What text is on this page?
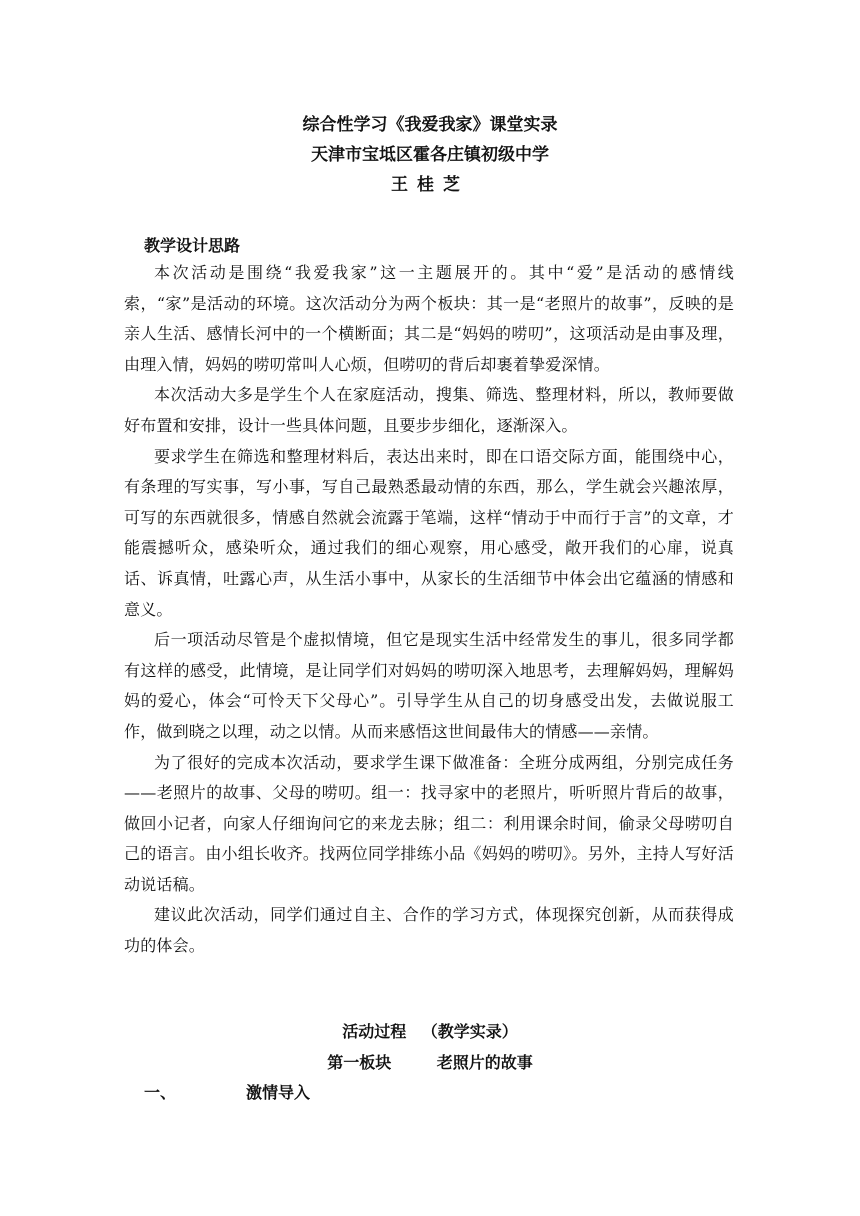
综合性学习《我爱我家》课堂实录

天津市宝坻区霍各庄镇初级中学

王桂芝

教学设计思路

本次活动是围绕“我爱我家”这一主题展开的。其中“爱”是活动的感情线索，“家”是活动的环境。这次活动分为两个板块：其一是“老照片的故事”，反映的是亲人生活、感情长河中的一个横断面；其二是“妈妈的唠叨”，这项活动是由事及理，由理入情，妈妈的唠叨常叫人心烦，但唠叨的背后却裹着挚爱深情。

本次活动大多是学生个人在家庭活动，搜集、筛选、整理材料，所以，教师要做好布置和安排，设计一些具体问题，且要步步细化，逐渐深入。

要求学生在筛选和整理材料后，表达出来时，即在口语交际方面，能围绕中心，有条理的写实事，写小事，写自己最熟悉最动情的东西，那么，学生就会兴趣浓厚，可写的东西就很多，情感自然就会流露于笔端，这样“情动于中而行于言”的文章，才能震撼听众，感染听众，通过我们的细心观察，用心感受，敞开我们的心扉，说真话、诉真情，吐露心声，从生活小事中，从家长的生活细节中体会出它蕴涵的情感和意义。

后一项活动尽管是个虚拟情境，但它是现实生活中经常发生的事儿，很多同学都有这样的感受，此情境，是让同学们对妈妈的唠叨深入地思考，去理解妈妈，理解妈妈的爱心，体会“可怜天下父母心”。引导学生从自己的切身感受出发，去做说服工作，做到晓之以理，动之以情。从而来感悟这世间最伟大的情感——亲情。

为了很好的完成本次活动，要求学生课下做准备：全班分成两组，分别完成任务——老照片的故事、父母的唠叨。组一：找寻家中的老照片，听听照片背后的故事，做回小记者，向家人仔细询问它的来龙去脉；组二：利用课余时间，偷录父母唠叨自己的语言。由小组长收齐。找两位同学排练小品《妈妈的唠叨》。另外，主持人写好活动说话稿。

建议此次活动，同学们通过自主、合作的学习方式，体现探究创新，从而获得成功的体会。

活动过程 （教学实录）

第一板块	老照片的故事

一、	激情导入
